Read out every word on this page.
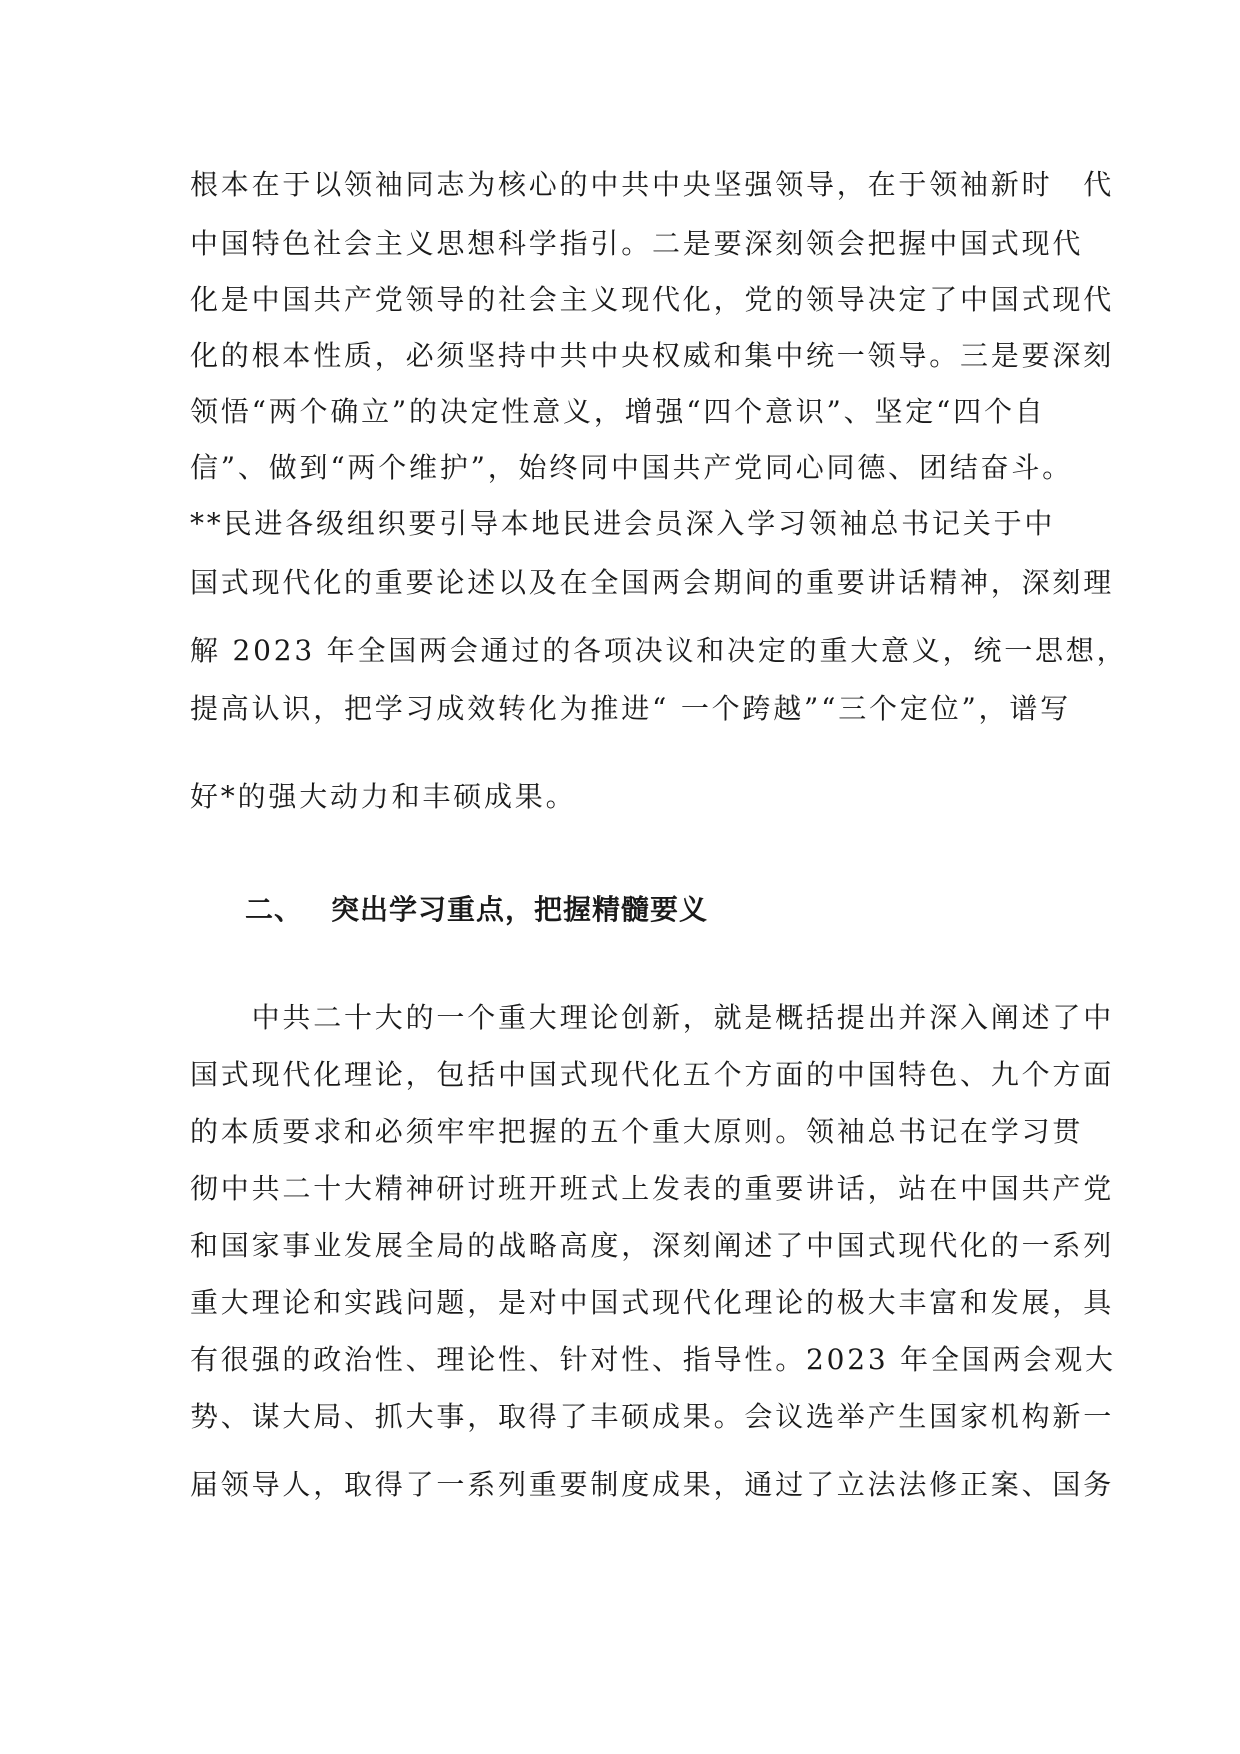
根本在于以领袖同志为核心的中共中央坚强领导，在于领袖新时　代
中国特色社会主义思想科学指引。二是要深刻领会把握中国式现代
化是中国共产党领导的社会主义现代化，党的领导决定了中国式现代
化的根本性质，必须坚持中共中央权威和集中统一领导。三是要深刻
领悟“两个确立”的决定性意义，增强“四个意识”、坚定“四个自
信”、做到“两个维护”，始终同中国共产党同心同德、团结奋斗。
**民进各级组织要引导本地民进会员深入学习领袖总书记关于中
国式现代化的重要论述以及在全国两会期间的重要讲话精神，深刻理
解 2023 年全国两会通过的各项决议和决定的重大意义，统一思想，
提高认识，把学习成效转化为推进“ 一个跨越”“三个定位”，谱写
好*的强大动力和丰硕成果。
二、 突出学习重点，把握精髓要义
　　中共二十大的一个重大理论创新，就是概括提出并深入阐述了中
国式现代化理论，包括中国式现代化五个方面的中国特色、九个方面
的本质要求和必须牢牢把握的五个重大原则。领袖总书记在学习贯
彻中共二十大精神研讨班开班式上发表的重要讲话，站在中国共产党
和国家事业发展全局的战略高度，深刻阐述了中国式现代化的一系列
重大理论和实践问题，是对中国式现代化理论的极大丰富和发展，具
有很强的政治性、理论性、针对性、指导性。2023 年全国两会观大
势、谋大局、抓大事，取得了丰硕成果。会议选举产生国家机构新一
届领导人，取得了一系列重要制度成果，通过了立法法修正案、国务
